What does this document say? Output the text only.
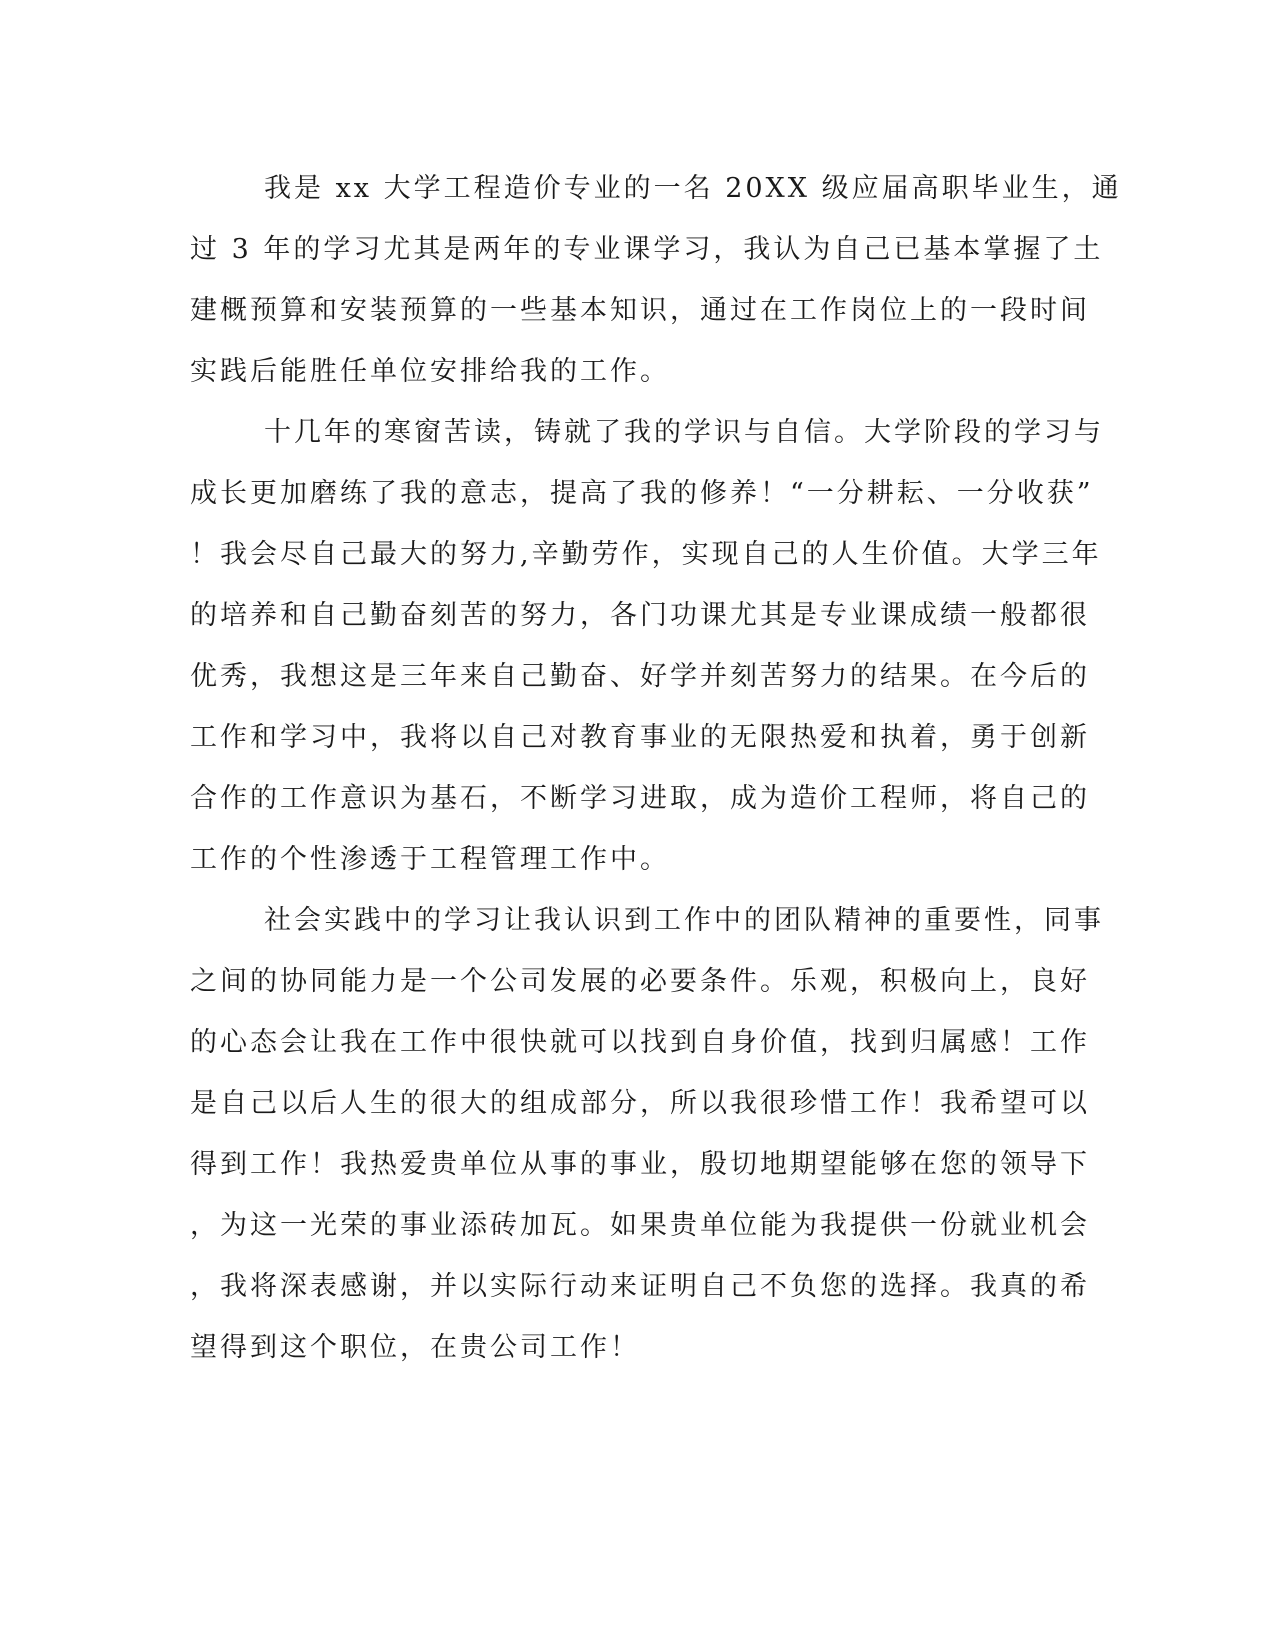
我是 xx 大学工程造价专业的一名 20XX 级应届高职毕业生，通
过 3 年的学习尤其是两年的专业课学习，我认为自己已基本掌握了土
建概预算和安装预算的一些基本知识，通过在工作岗位上的一段时间
实践后能胜任单位安排给我的工作。
十几年的寒窗苦读，铸就了我的学识与自信。大学阶段的学习与
成长更加磨练了我的意志，提高了我的修养！“一分耕耘、一分收获”
！我会尽自己最大的努力,辛勤劳作，实现自己的人生价值。大学三年
的培养和自己勤奋刻苦的努力，各门功课尤其是专业课成绩一般都很
优秀，我想这是三年来自己勤奋、好学并刻苦努力的结果。在今后的
工作和学习中，我将以自己对教育事业的无限热爱和执着，勇于创新
合作的工作意识为基石，不断学习进取，成为造价工程师，将自己的
工作的个性渗透于工程管理工作中。
社会实践中的学习让我认识到工作中的团队精神的重要性，同事
之间的协同能力是一个公司发展的必要条件。乐观，积极向上，良好
的心态会让我在工作中很快就可以找到自身价值，找到归属感！工作
是自己以后人生的很大的组成部分，所以我很珍惜工作！我希望可以
得到工作！我热爱贵单位从事的事业，殷切地期望能够在您的领导下
，为这一光荣的事业添砖加瓦。如果贵单位能为我提供一份就业机会
，我将深表感谢，并以实际行动来证明自己不负您的选择。我真的希
望得到这个职位，在贵公司工作！
